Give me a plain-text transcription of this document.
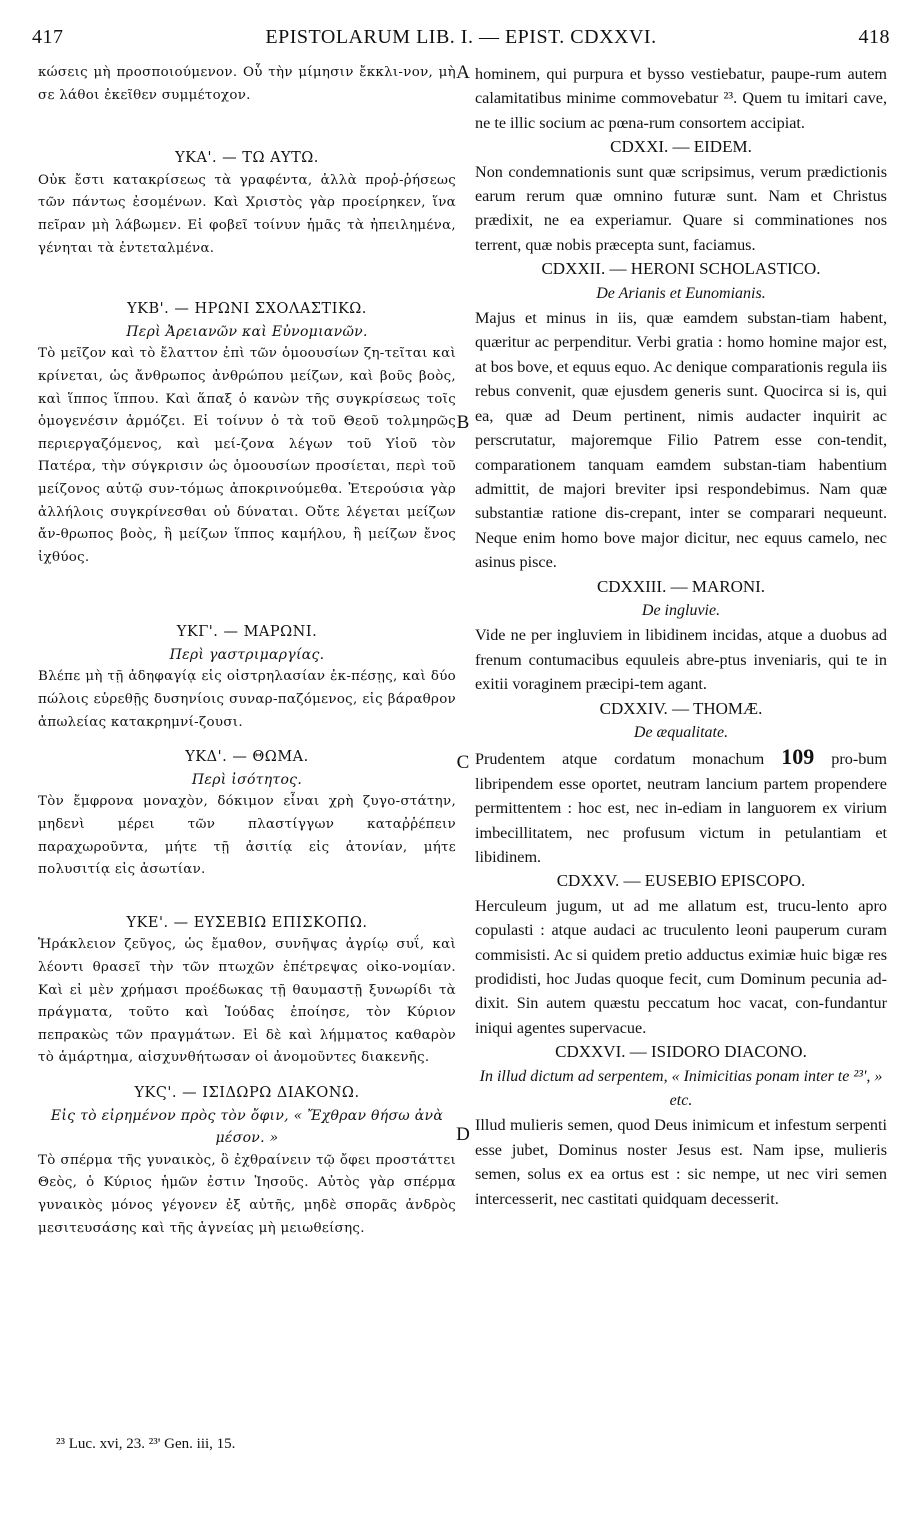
417	EPISTOLARUM LIB. I. — EPIST. CDXXVI.	418

κώσεις μὴ προσποιούμενον. Οὗ τὴν μίμησιν ἔκκλι-νον, μὴ σε λάθοι ἐκεῖθεν συμμέτοχον.

ΥΚΑ'. — ΤΩ ΑΥΤΩ.

Οὐκ ἔστι κατακρίσεως τὰ γραφέντα, ἀλλὰ προῤ-ῥήσεως τῶν πάντως ἐσομένων. Καὶ Χριστὸς γὰρ προείρηκεν, ἵνα πεῖραν μὴ λάβωμεν. Εἰ φοβεῖ τοίνυν ἡμᾶς τὰ ἠπειλημένα, γένηται τὰ ἐντεταλμένα.

ΥΚΒ'. — ΗΡΩΝΙ ΣΧΟΛΑΣΤΙΚΩ.

Περὶ Ἀρειανῶν καὶ Εὐνομιανῶν.

Τὸ μεῖζον καὶ τὸ ἔλαττον ἐπὶ τῶν ὁμοουσίων ζη-τεῖται καὶ κρίνεται, ὡς ἄνθρωπος ἀνθρώπου μείζων, καὶ βοῦς βοὸς, καὶ ἵππος ἵππου. Καὶ ἅπαξ ὁ κανὼν τῆς συγκρίσεως τοῖς ὁμογενέσιν ἁρμόζει. Εἰ τοίνυν ὁ τὰ τοῦ Θεοῦ τολμηρῶς περιεργαζόμενος, καὶ μεί-ζονα λέγων τοῦ Υἱοῦ τὸν Πατέρα, τὴν σύγκρισιν ὡς ὁμοουσίων προσίεται, περὶ τοῦ μείζονος αὐτῷ συν-τόμως ἀποκρινούμεθα. Ἑτερούσια γὰρ ἀλλήλοις συγκρίνεσθαι οὐ δύναται. Οὔτε λέγεται μείζων ἄν-θρωπος βοὸς, ἢ μείζων ἵππος καμήλου, ἢ μείζων ἔνος ἰχθύος.

ΥΚΓ'. — ΜΑΡΩΝΙ.

Περὶ γαστριμαργίας.

Βλέπε μὴ τῇ ἀδηφαγίᾳ εἰς οἰστρηλασίαν ἐκ-πέσῃς, καὶ δύο πώλοις εὑρεθῇς δυσηνίοις συναρ-παζόμενος, εἰς βάραθρον ἀπωλείας κατακρημνί-ζουσι.

ΥΚΔ'. — ΘΩΜΑ.

Περὶ ἰσότητος.

Τὸν ἔμφρονα μοναχὸν, δόκιμον εἶναι χρὴ ζυγο-στάτην, μηδενὶ μέρει τῶν πλαστίγγων καταῤῥέπειν παραχωροῦντα, μήτε τῇ ἀσιτίᾳ εἰς ἀτονίαν, μήτε πολυσιτίᾳ εἰς ἀσωτίαν.

ΥΚΕ'. — ΕΥΣΕΒΙΩ ΕΠΙΣΚΟΠΩ.

Ἡράκλειον ζεῦγος, ὡς ἔμαθον, συνῆψας ἀγρίῳ συΐ, καὶ λέοντι θρασεῖ τὴν τῶν πτωχῶν ἐπέτρεψας οἰκο-νομίαν. Καὶ εἰ μὲν χρήμασι προέδωκας τῇ θαυμαστῇ ξυνωρίδι τὰ πράγματα, τοῦτο καὶ Ἰούδας ἐποίησε, τὸν Κύριον πεπρακὼς τῶν πραγμάτων. Εἰ δὲ καὶ λήμματος καθαρὸν τὸ ἁμάρτημα, αἰσχυνθήτωσαν οἱ ἀνομοῦντες διακενῆς.

ΥΚϚ'. — ΙΣΙΔΩΡΩ ΔΙΑΚΟΝΩ.

Εἰς τὸ εἰρημένον πρὸς τὸν ὄφιν, « Ἔχθραν θήσω ἀνὰ μέσον. »

Τὸ σπέρμα τῆς γυναικὸς, ὃ ἐχθραίνειν τῷ ὄφει προστάττει Θεὸς, ὁ Κύριος ἡμῶν ἐστιν Ἰησοῦς. Αὐτὸς γὰρ σπέρμα γυναικὸς μόνος γέγονεν ἐξ αὐτῆς, μηδὲ σπορᾶς ἀνδρὸς μεσιτευσάσης καὶ τῆς ἁγνείας μὴ μειωθείσης.

A
B
C
D

hominem, qui purpura et bysso vestiebatur, paupe-rum autem calamitatibus minime commovebatur ²³. Quem tu imitari cave, ne te illic socium ac pœna-rum consortem accipiat.

CDXXI. — EIDEM.

Non condemnationis sunt quæ scripsimus, verum prædictionis earum rerum quæ omnino futuræ sunt. Nam et Christus prædixit, ne ea experiamur. Quare si comminationes nos terrent, quæ nobis præcepta sunt, faciamus.

CDXXII. — HERONI SCHOLASTICO.

De Arianis et Eunomianis.

Majus et minus in iis, quæ eamdem substan-tiam habent, quæritur ac perpenditur. Verbi gratia : homo homine major est, at bos bove, et equus equo. Ac denique comparationis regula iis rebus convenit, quæ ejusdem generis sunt. Quocirca si is, qui ea, quæ ad Deum pertinent, nimis audacter inquirit ac perscrutatur, majoremque Filio Patrem esse con-tendit, comparationem tanquam eamdem substan-tiam habentium admittit, de majori breviter ipsi respondebimus. Nam quæ substantiæ ratione dis-crepant, inter se comparari nequeunt. Neque enim homo bove major dicitur, nec equus camelo, nec asinus pisce.

CDXXIII. — MARONI.

De ingluvie.

Vide ne per ingluviem in libidinem incidas, atque a duobus ad frenum contumacibus equuleis abre-ptus inveniaris, qui te in exitii voraginem præcipi-tem agant.

CDXXIV. — THOMÆ.

De æqualitate.

Prudentem atque cordatum monachum 109 pro-bum libripendem esse oportet, neutram lancium partem propendere permittentem : hoc est, nec in-ediam in languorem ex virium imbecillitatem, nec profusum victum in petulantiam et libidinem.

CDXXV. — EUSEBIO EPISCOPO.

Herculeum jugum, ut ad me allatum est, trucu-lento apro copulasti : atque audaci ac truculento leoni pauperum curam commisisti. Ac si quidem pretio adductus eximiæ huic bigæ res prodidisti, hoc Judas quoque fecit, cum Dominum pecunia ad-dixit. Sin autem quæstu peccatum hoc vacat, con-fundantur iniqui agentes supervacue.

CDXXVI. — ISIDORO DIACONO.

In illud dictum ad serpentem, « Inimicitias ponam inter te ²³', » etc.

Illud mulieris semen, quod Deus inimicum et infestum serpenti esse jubet, Dominus noster Jesus est. Nam ipse, mulieris semen, solus ex ea ortus est : sic nempe, ut nec viri semen intercesserit, nec castitati quidquam decesserit.

²³ Luc. xvi, 23. ²³' Gen. iii, 15.
